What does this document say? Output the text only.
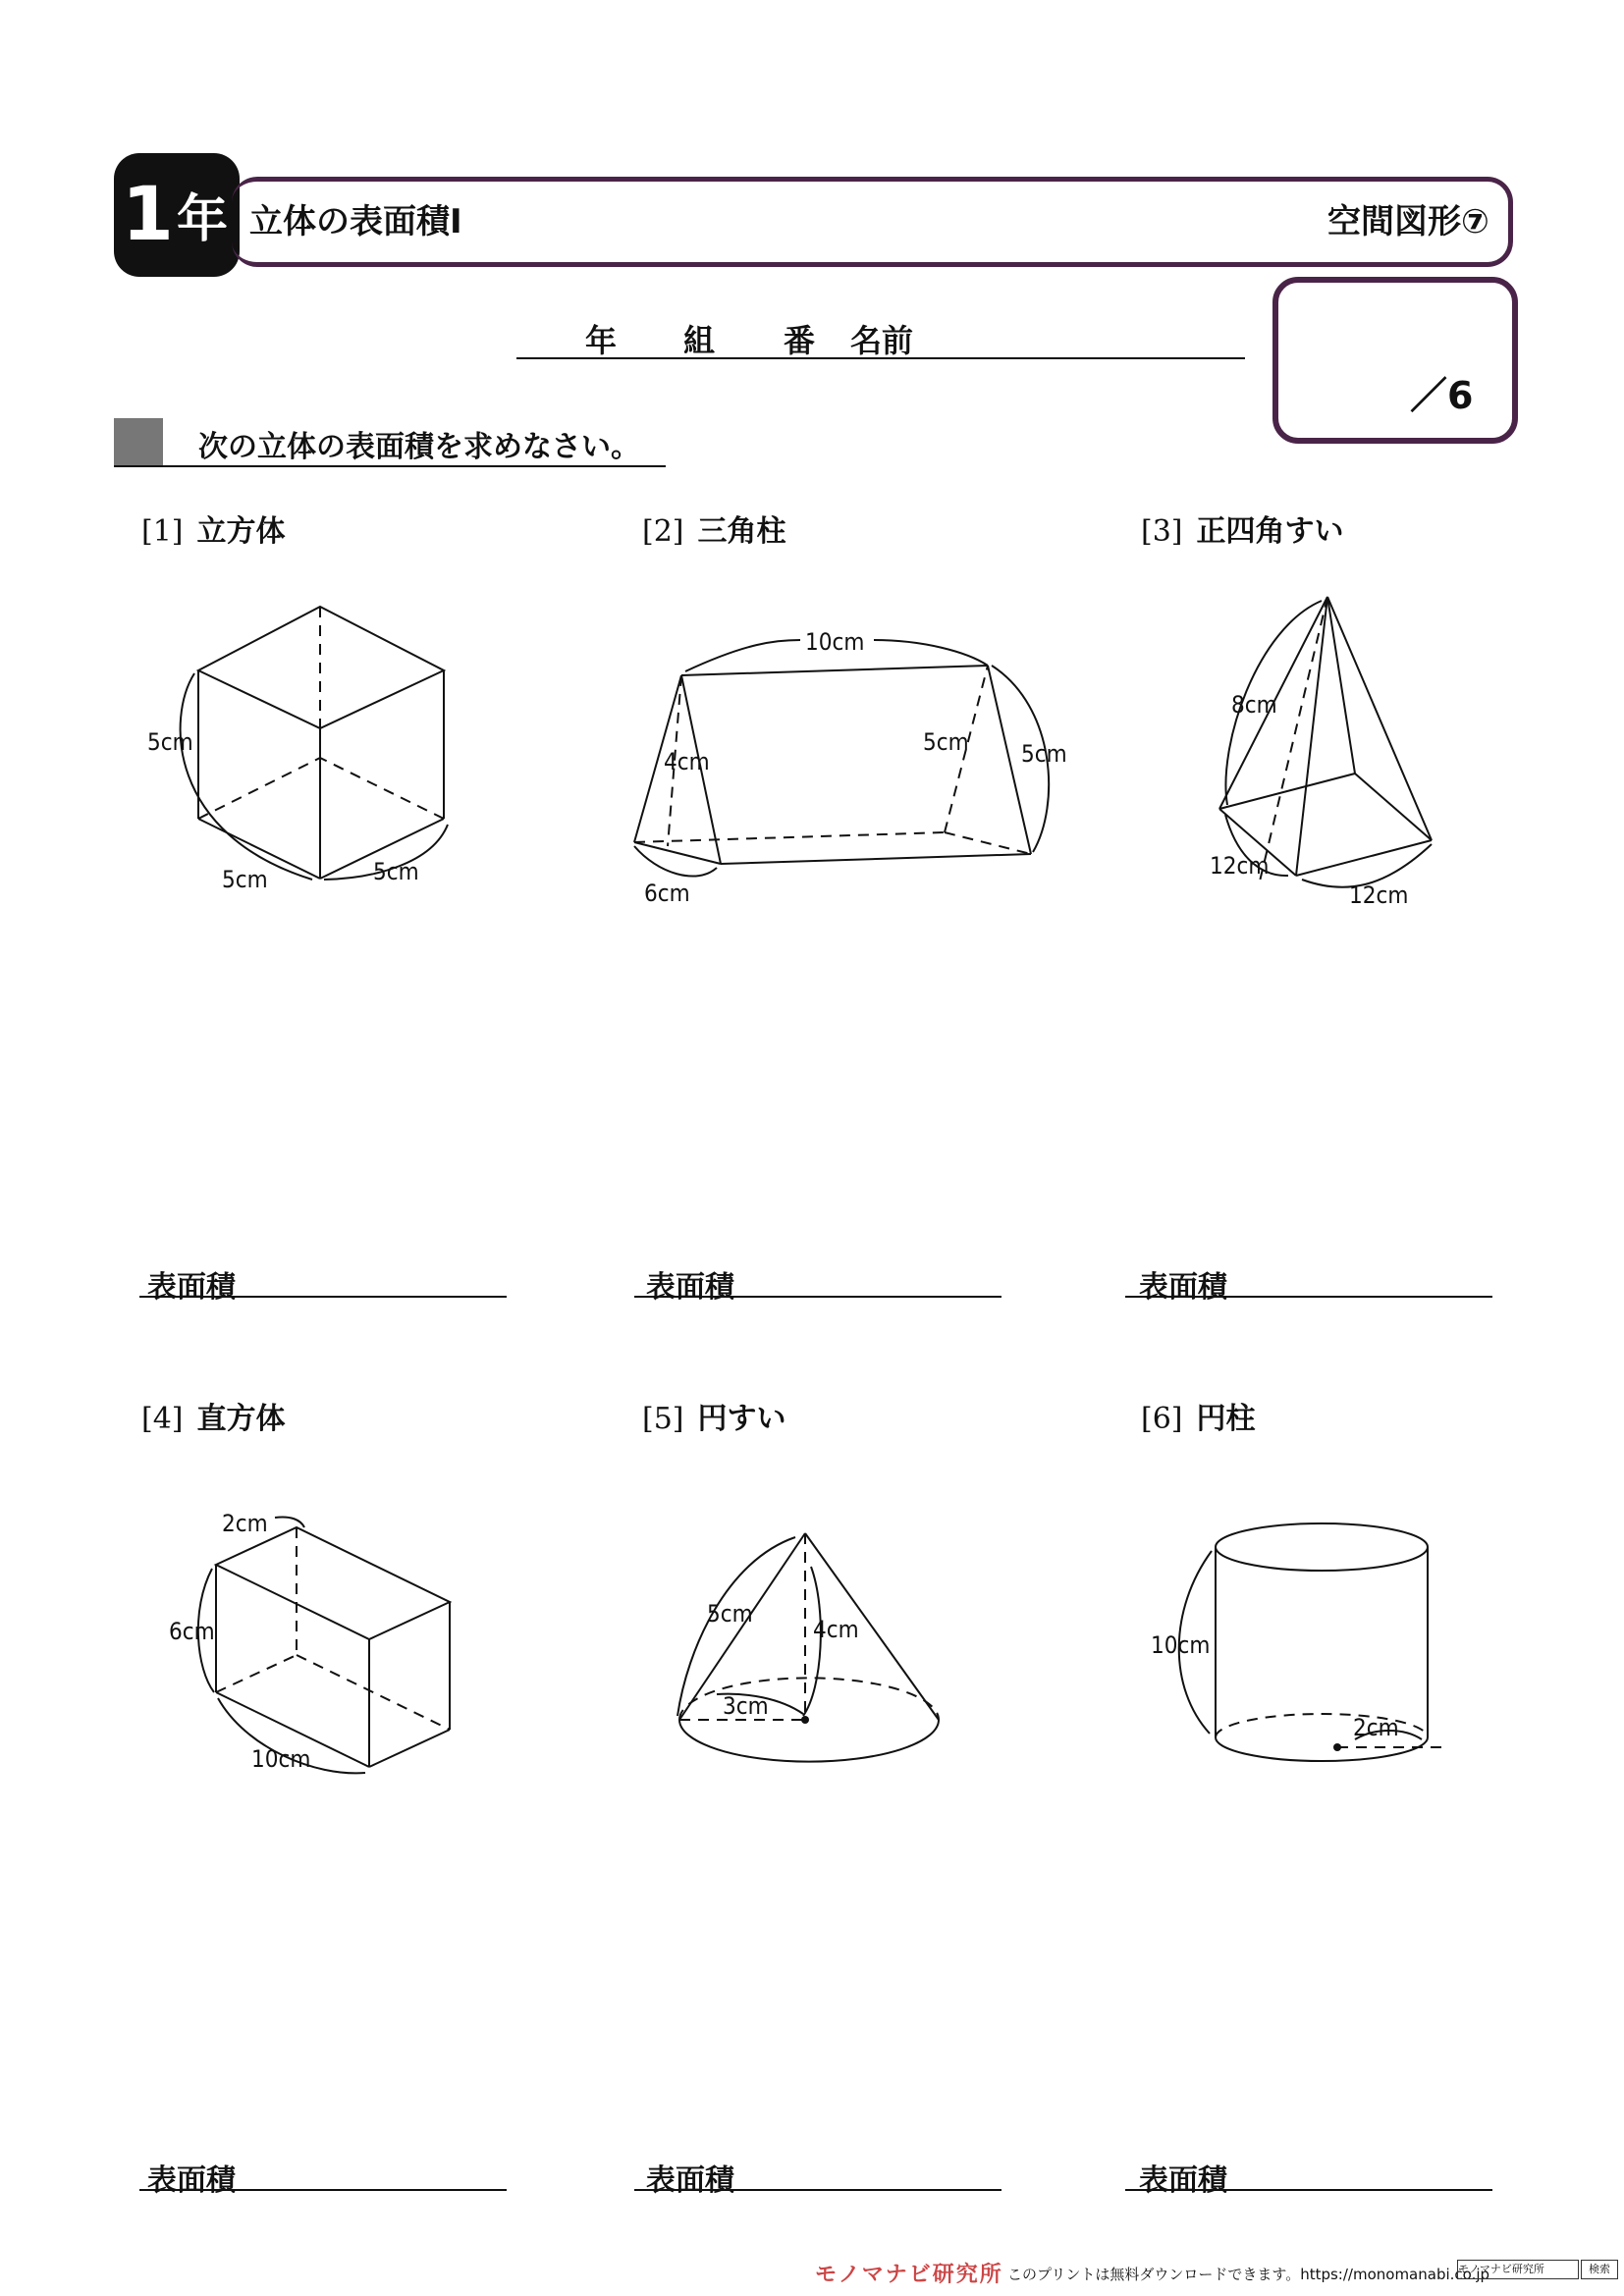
1 年 立体の表面積Ⅰ	空間図形⑦
年 組 番 名前
／6
次の立体の表面積を求めなさい。
[1] 立方体	[2] 三角柱	[3] 正四角すい
[4] 直方体	[5] 円すい	[6] 円柱
5cm
5cm	5cm
10cm
5cm 5cm
4cm
6cm
8cm
12cm
12cm
2cm
6cm
10cm
5cm
4cm
3cm
10cm
2cm
表面積	表面積	表面積
表面積	表面積	表面積
モノマナビ研究所 このプリントは無料ダウンロードできます。https://monomanabi.co.jp
モノマナビ研究所	検索
